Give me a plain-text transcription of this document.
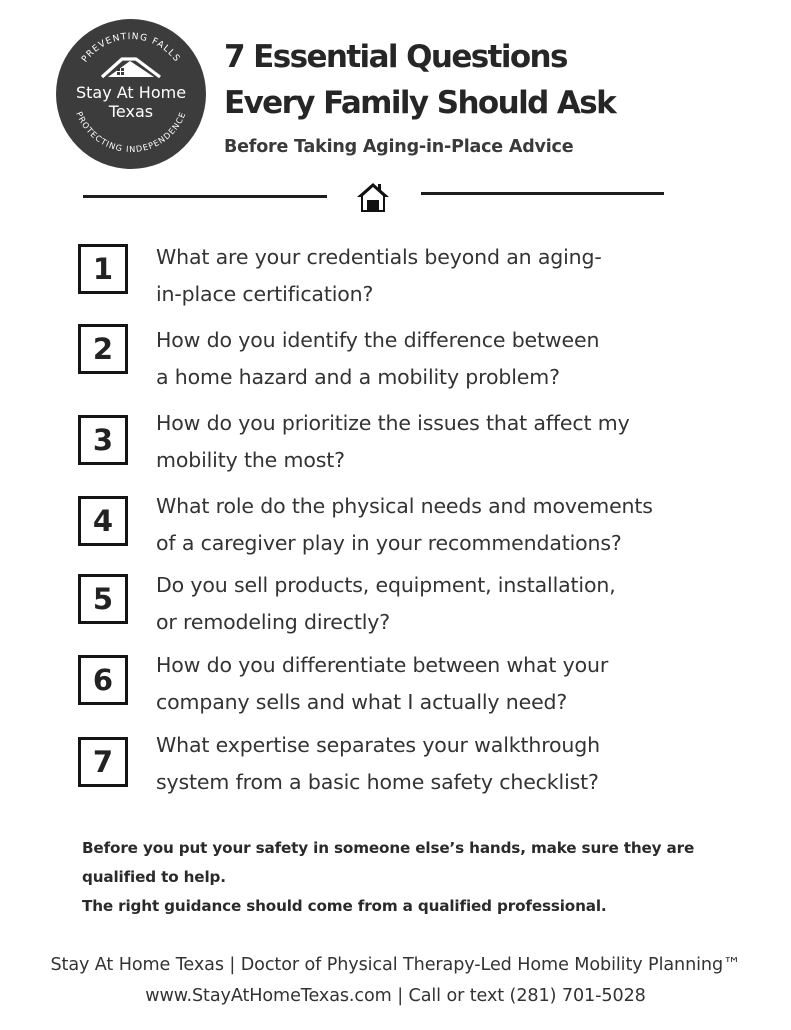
PREVENTING FALLS
PROTECTING INDEPENDENCE
Stay At Home
Texas
7 Essential Questions
Every Family Should Ask
Before Taking Aging-in-Place Advice
1	What are your credentials beyond an aging-
in-place certification?
2	How do you identify the difference between
a home hazard and a mobility problem?
3	How do you prioritize the issues that affect my
mobility the most?
4	What role do the physical needs and movements
of a caregiver play in your recommendations?
5	Do you sell products, equipment, installation,
or remodeling directly?
6	How do you differentiate between what your
company sells and what I actually need?
7	What expertise separates your walkthrough
system from a basic home safety checklist?
Before you put your safety in someone else’s hands, make sure they are
qualified to help.
The right guidance should come from a qualified professional.
Stay At Home Texas | Doctor of Physical Therapy-Led Home Mobility Planning™
www.StayAtHomeTexas.com | Call or text (281) 701-5028
